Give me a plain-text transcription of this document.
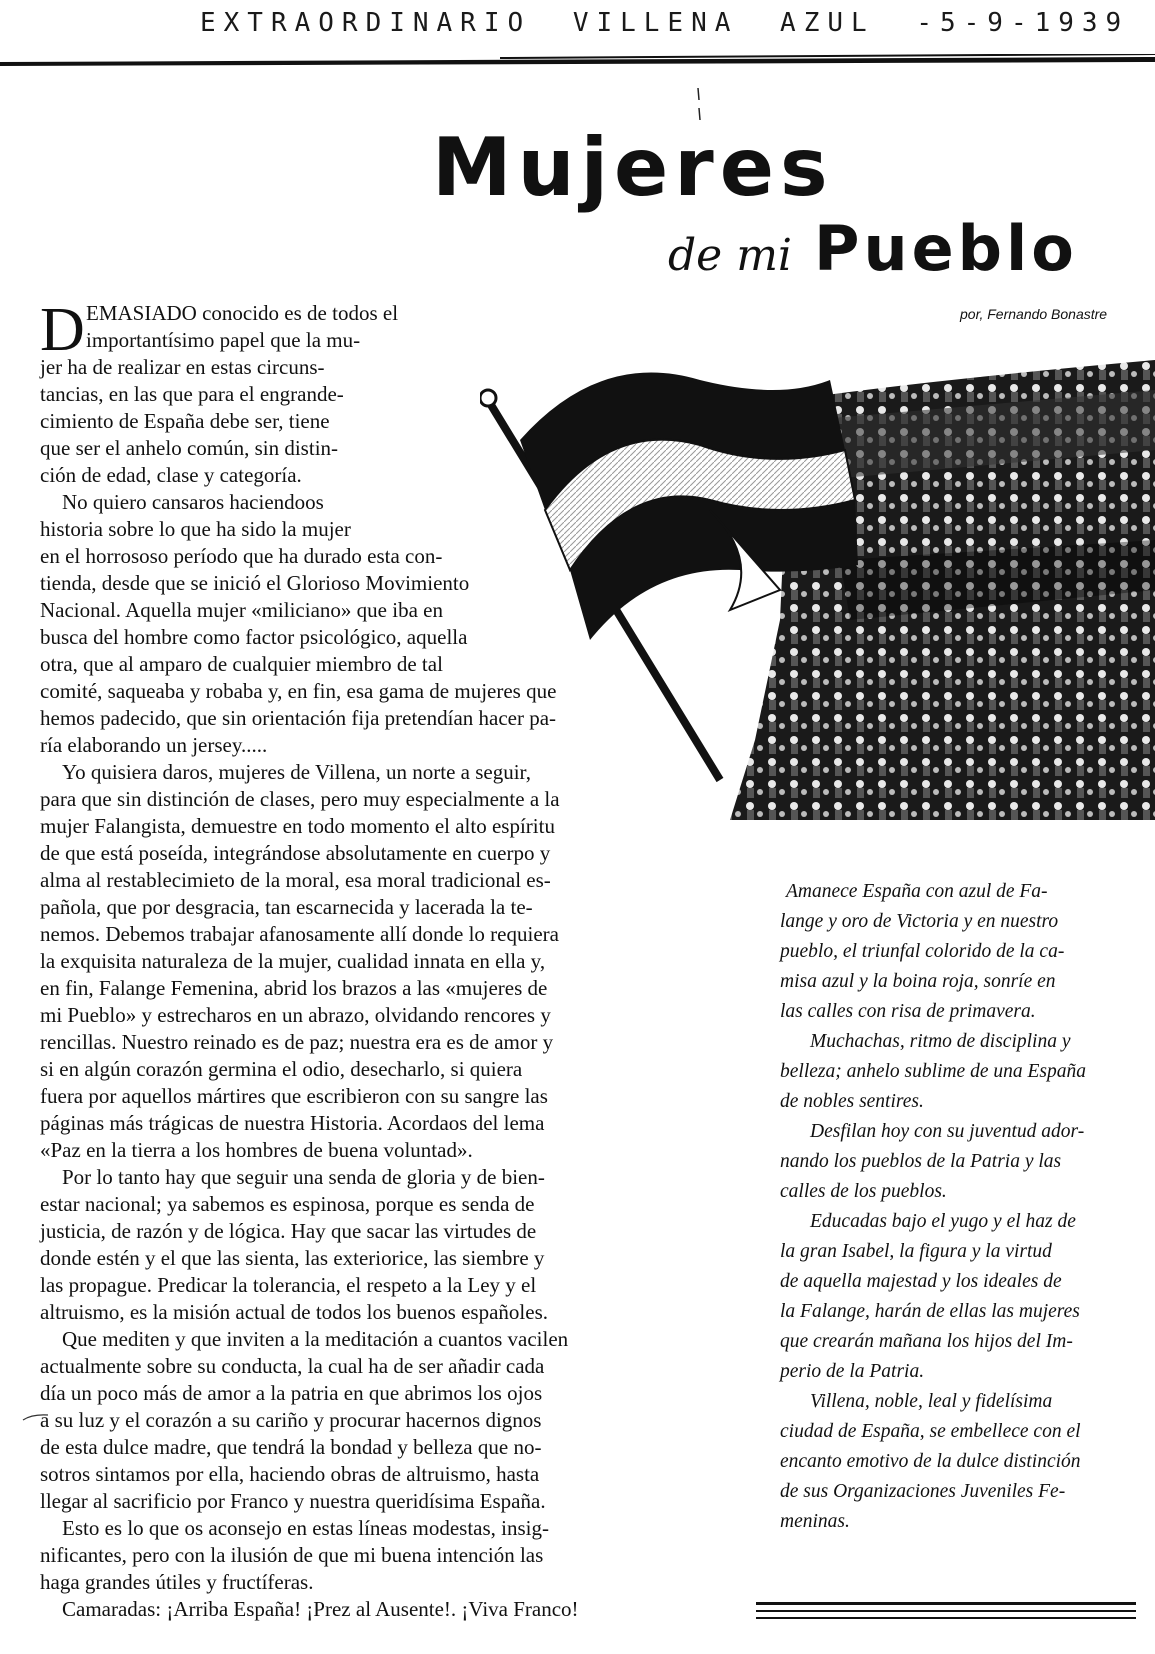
EXTRAORDINARIO VILLENA AZUL -5-9-1939
Mujeres
de mi Pueblo
por, Fernando Bonastre
D EMASIADO conocido es de todos el
importantísimo papel que la mu-
jer ha de realizar en estas circuns-
tancias, en las que para el engrande-
cimiento de España debe ser, tiene
que ser el anhelo común, sin distin-
ción de edad, clase y categoría.
No quiero cansaros haciendoos
historia sobre lo que ha sido la mujer
en el horrososo período que ha durado esta con-
tienda, desde que se inició el Glorioso Movimiento
Nacional. Aquella mujer «miliciano» que iba en
busca del hombre como factor psicológico, aquella
otra, que al amparo de cualquier miembro de tal
comité, saqueaba y robaba y, en fin, esa gama de mujeres que
hemos padecido, que sin orientación fija pretendían hacer pa-
ría elaborando un jersey.....
Yo quisiera daros, mujeres de Villena, un norte a seguir,
para que sin distinción de clases, pero muy especialmente a la
mujer Falangista, demuestre en todo momento el alto espíritu
de que está poseída, integrándose absolutamente en cuerpo y
alma al restablecimieto de la moral, esa moral tradicional es-
pañola, que por desgracia, tan escarnecida y lacerada la te-
nemos. Debemos trabajar afanosamente allí donde lo requiera
la exquisita naturaleza de la mujer, cualidad innata en ella y,
en fin, Falange Femenina, abrid los brazos a las «mujeres de
mi Pueblo» y estrecharos en un abrazo, olvidando rencores y
rencillas. Nuestro reinado es de paz; nuestra era es de amor y
si en algún corazón germina el odio, desecharlo, si quiera
fuera por aquellos mártires que escribieron con su sangre las
páginas más trágicas de nuestra Historia. Acordaos del lema
«Paz en la tierra a los hombres de buena voluntad».
Por lo tanto hay que seguir una senda de gloria y de bien-
estar nacional; ya sabemos es espinosa, porque es senda de
justicia, de razón y de lógica. Hay que sacar las virtudes de
donde estén y el que las sienta, las exteriorice, las siembre y
las propague. Predicar la tolerancia, el respeto a la Ley y el
altruismo, es la misión actual de todos los buenos españoles.
Que mediten y que inviten a la meditación a cuantos vacilen
actualmente sobre su conducta, la cual ha de ser añadir cada
día un poco más de amor a la patria en que abrimos los ojos
a su luz y el corazón a su cariño y procurar hacernos dignos
de esta dulce madre, que tendrá la bondad y belleza que no-
sotros sintamos por ella, haciendo obras de altruismo, hasta
llegar al sacrificio por Franco y nuestra queridísima España.
Esto es lo que os aconsejo en estas líneas modestas, insig-
nificantes, pero con la ilusión de que mi buena intención las
haga grandes útiles y fructíferas.
Camaradas: ¡Arriba España! ¡Prez al Ausente!. ¡Viva Franco!
Amanece España con azul de Fa-
lange y oro de Victoria y en nuestro
pueblo, el triunfal colorido de la ca-
misa azul y la boina roja, sonríe en
las calles con risa de primavera.
Muchachas, ritmo de disciplina y
belleza; anhelo sublime de una España
de nobles sentires.
Desfilan hoy con su juventud ador-
nando los pueblos de la Patria y las
calles de los pueblos.
Educadas bajo el yugo y el haz de
la gran Isabel, la figura y la virtud
de aquella majestad y los ideales de
la Falange, harán de ellas las mujeres
que crearán mañana los hijos del Im-
perio de la Patria.
Villena, noble, leal y fidelísima
ciudad de España, se embellece con el
encanto emotivo de la dulce distinción
de sus Organizaciones Juveniles Fe-
meninas.
